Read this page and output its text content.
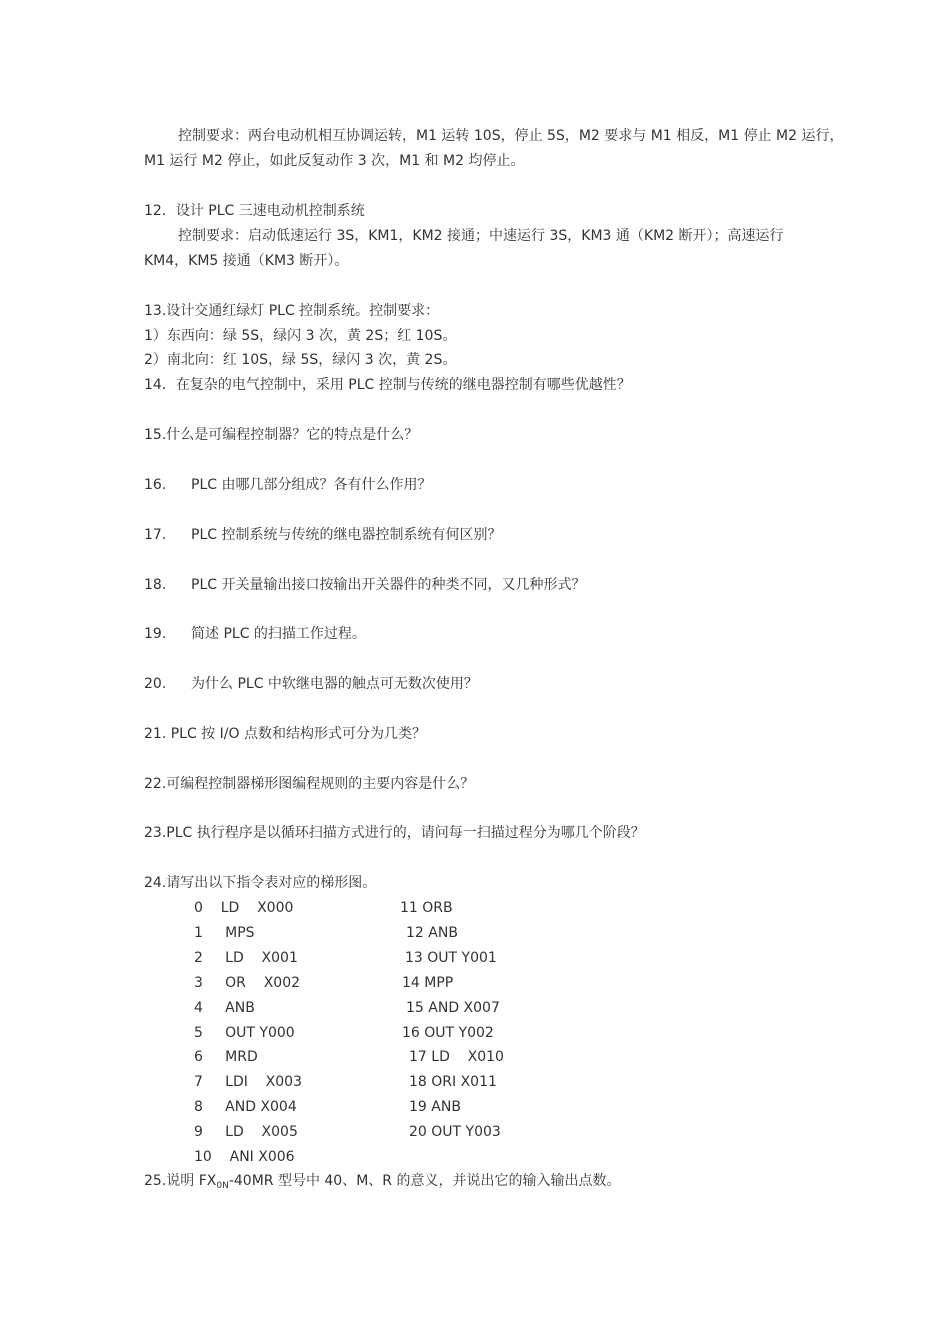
控制要求：两台电动机相互协调运转，M1 运转 10S，停止 5S，M2 要求与 M1 相反，M1 停止 M2 运行，
M1 运行 M2 停止，如此反复动作 3 次，M1 和 M2 均停止。
12．设计 PLC 三速电动机控制系统
控制要求：启动低速运行 3S，KM1，KM2 接通；中速运行 3S，KM3 通（KM2 断开）；高速运行
KM4，KM5 接通（KM3 断开）。
13.设计交通红绿灯 PLC 控制系统。控制要求：
1）东西向：绿 5S，绿闪 3 次，黄 2S；红 10S。
2）南北向：红 10S，绿 5S，绿闪 3 次，黄 2S。
14．在复杂的电气控制中，采用 PLC 控制与传统的继电器控制有哪些优越性？
15.什么是可编程控制器？它的特点是什么？
16. PLC 由哪几部分组成？各有什么作用？
17. PLC 控制系统与传统的继电器控制系统有何区别？
18. PLC 开关量输出接口按输出开关器件的种类不同，又几种形式？
19. 简述 PLC 的扫描工作过程。
20. 为什么 PLC 中软继电器的触点可无数次使用？
21. PLC 按 I/O 点数和结构形式可分为几类？
22.可编程控制器梯形图编程规则的主要内容是什么？
23.PLC 执行程序是以循环扫描方式进行的，请问每一扫描过程分为哪几个阶段？
24.请写出以下指令表对应的梯形图。
0    LD    X000
1     MPS
2     LD    X001
3     OR    X002
4     ANB
5     OUT Y000
6     MRD
7     LDI    X003
8     AND X004
9     LD    X005
10    ANI X006
11 ORB
12 ANB
13 OUT Y001
14 MPP
15 AND X007
16 OUT Y002
17 LD    X010
18 ORI X011
19 ANB
20 OUT Y003
25.说明 $FX_{0N}-40MR$ 型号中 40、M、R 的意义，并说出它的输入输出点数。
